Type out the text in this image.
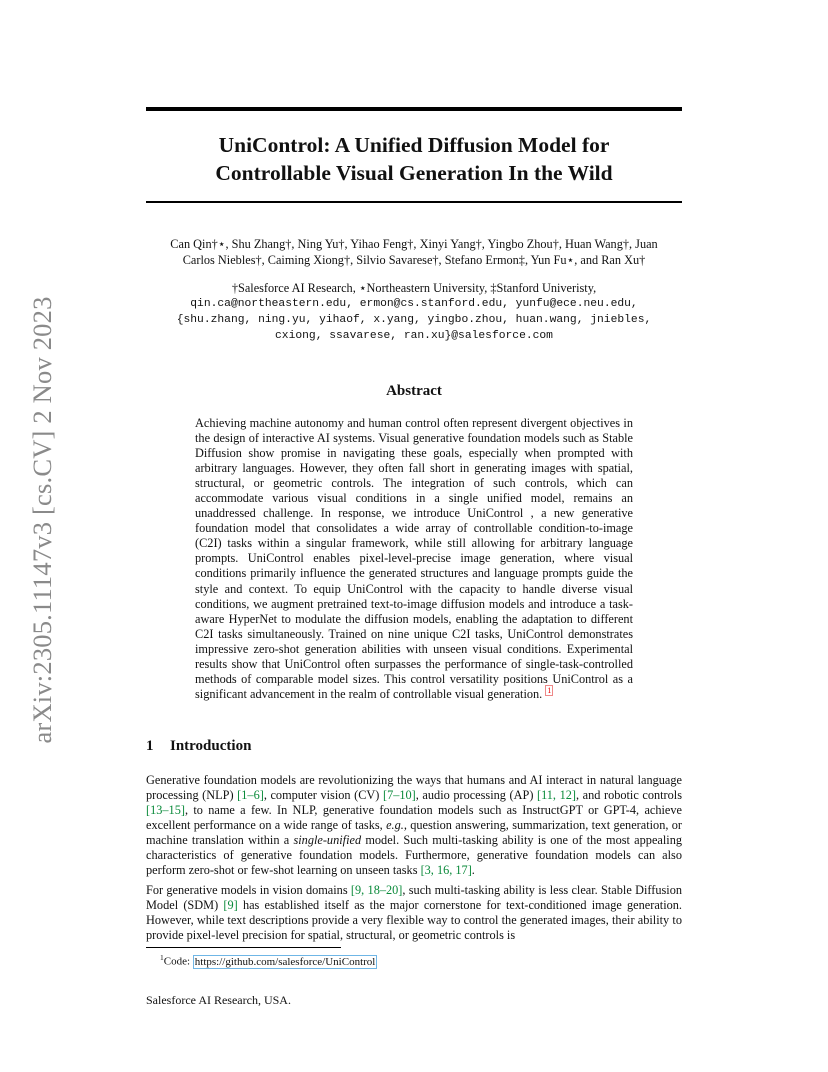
arXiv:2305.11147v3 [cs.CV] 2 Nov 2023
UniControl: A Unified Diffusion Model for
Controllable Visual Generation In the Wild
Can Qin†⋆, Shu Zhang†, Ning Yu†, Yihao Feng†, Xinyi Yang†, Yingbo Zhou†, Huan Wang†, Juan
Carlos Niebles†, Caiming Xiong†, Silvio Savarese†, Stefano Ermon‡, Yun Fu⋆, and Ran Xu†
†Salesforce AI Research, ⋆Northeastern University, ‡Stanford Univeristy,
qin.ca@northeastern.edu, ermon@cs.stanford.edu, yunfu@ece.neu.edu,
{shu.zhang, ning.yu, yihaof, x.yang, yingbo.zhou, huan.wang, jniebles,
cxiong, ssavarese, ran.xu}@salesforce.com
Abstract
Achieving machine autonomy and human control often represent divergent objectives in the design of interactive AI systems. Visual generative foundation models such as Stable Diffusion show promise in navigating these goals, especially when prompted with arbitrary languages. However, they often fall short in generating images with spatial, structural, or geometric controls. The integration of such controls, which can accommodate various visual conditions in a single unified model, remains an unaddressed challenge. In response, we introduce UniControl , a new generative foundation model that consolidates a wide array of controllable condition-to-image (C2I) tasks within a singular framework, while still allowing for arbitrary language prompts. UniControl enables pixel-level-precise image generation, where visual conditions primarily influence the generated structures and language prompts guide the style and context. To equip UniControl with the capacity to handle diverse visual conditions, we augment pretrained text-to-image diffusion models and introduce a task-aware HyperNet to modulate the diffusion models, enabling the adaptation to different C2I tasks simultaneously. Trained on nine unique C2I tasks, UniControl demonstrates impressive zero-shot generation abilities with unseen visual conditions. Experimental results show that UniControl often surpasses the performance of single-task-controlled methods of comparable model sizes. This control versatility positions UniControl as a significant advancement in the realm of controllable visual generation. $^1$
1 Introduction

Generative foundation models are revolutionizing the ways that humans and AI interact in natural language processing (NLP) [1–6], computer vision (CV) [7–10], audio processing (AP) [11, 12], and robotic controls [13–15], to name a few. In NLP, generative foundation models such as InstructGPT or GPT-4, achieve excellent performance on a wide range of tasks, e.g., question answering, summarization, text generation, or machine translation within a single-unified model. Such multi-tasking ability is one of the most appealing characteristics of generative foundation models. Furthermore, generative foundation models can also perform zero-shot or few-shot learning on unseen tasks [3, 16, 17].

For generative models in vision domains [9, 18–20], such multi-tasking ability is less clear. Stable Diffusion Model (SDM) [9] has established itself as the major cornerstone for text-conditioned image generation. However, while text descriptions provide a very flexible way to control the generated images, their ability to provide pixel-level precision for spatial, structural, or geometric controls is

$^1$Code: https://github.com/salesforce/UniControl
Salesforce AI Research, USA.
